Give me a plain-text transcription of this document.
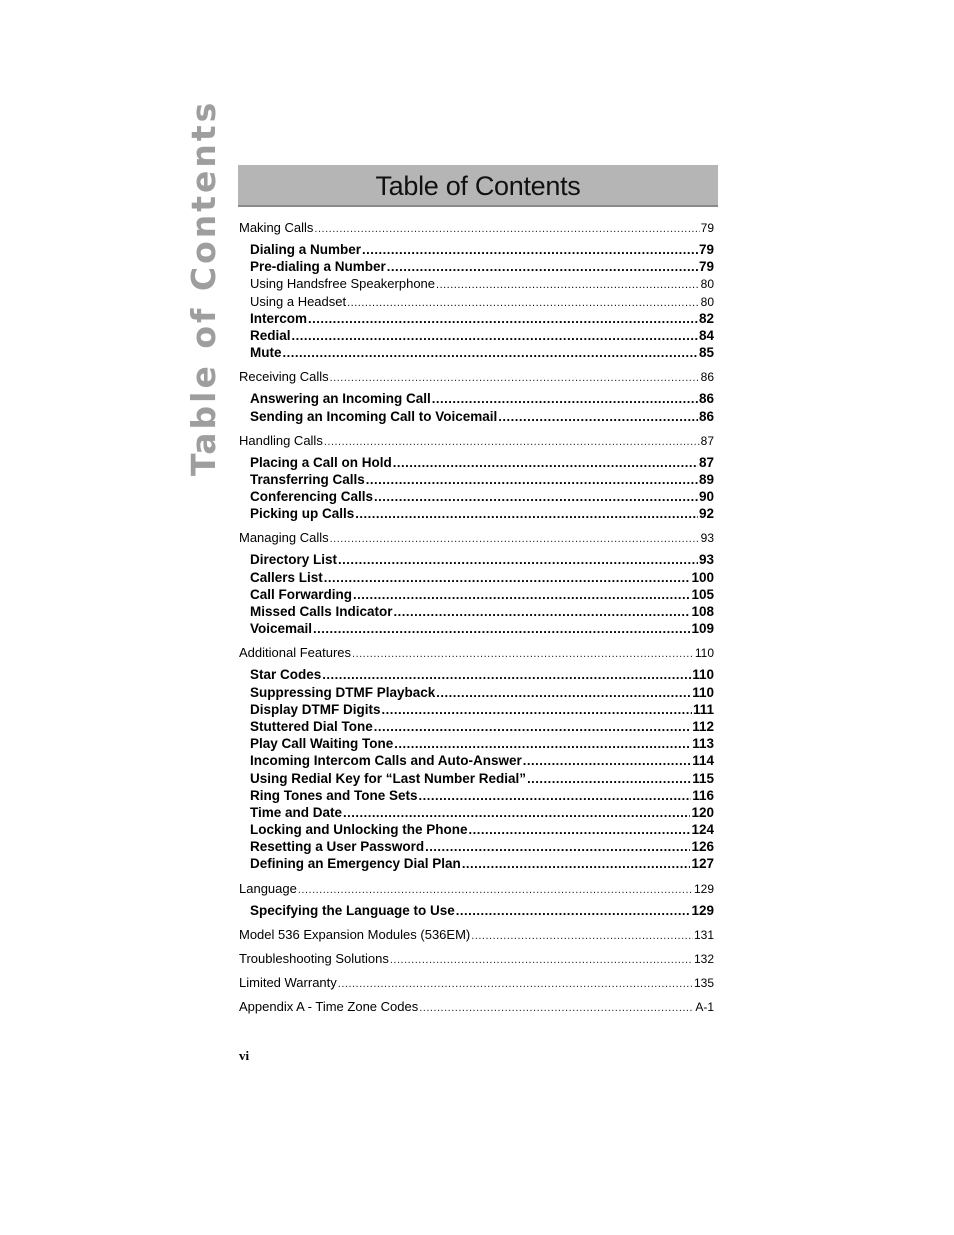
Table of Contents	Table of Contents
Making Calls .....	79
Dialing a Number .....	79
Pre-dialing a Number .....	79
Using Handsfree Speakerphone .....	80
Using a Headset .....	80
Intercom .....	82
Redial .....	84
Mute .....	85
Receiving Calls .....	86
Answering an Incoming Call .....	86
Sending an Incoming Call to Voicemail .....	86
Handling Calls .....	87
Placing a Call on Hold .....	87
Transferring Calls .....	89
Conferencing Calls .....	90
Picking up Calls .....	92
Managing Calls .....	93
Directory List .....	93
Callers List .....	100
Call Forwarding .....	105
Missed Calls Indicator .....	108
Voicemail .....	109
Additional Features .....	110
Star Codes .....	110
Suppressing DTMF Playback .....	110
Display DTMF Digits .....	111
Stuttered Dial Tone .....	112
Play Call Waiting Tone .....	113
Incoming Intercom Calls and Auto-Answer .....	114
Using Redial Key for “Last Number Redial” .....	115
Ring Tones and Tone Sets .....	116
Time and Date .....	120
Locking and Unlocking the Phone .....	124
Resetting a User Password .....	126
Defining an Emergency Dial Plan .....	127
Language .....	129
Specifying the Language to Use .....	129
Model 536 Expansion Modules (536EM) .....	131
Troubleshooting Solutions .....	132
Limited Warranty .....	135
Appendix A - Time Zone Codes .....	A-1
vi
